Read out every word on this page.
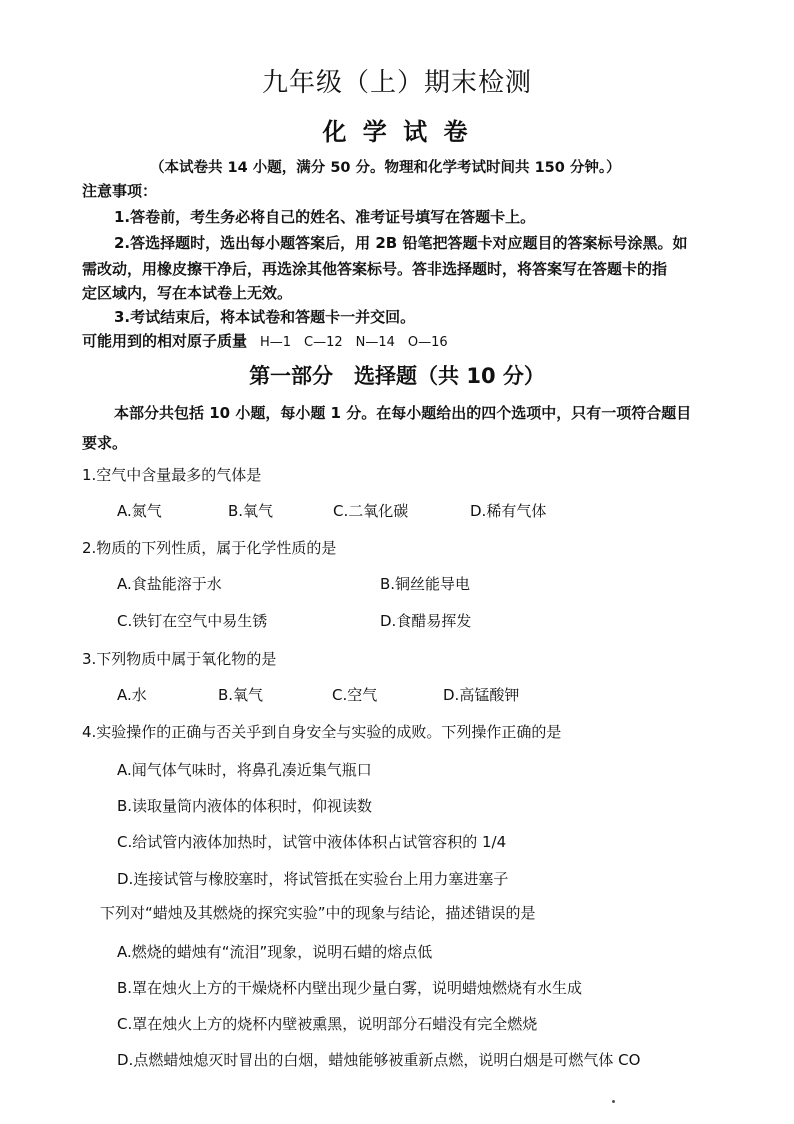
九年级（上）期末检测
化 学 试 卷
（本试卷共 14 小题，满分 50 分。物理和化学考试时间共 150 分钟。）
注意事项：
1.答卷前，考生务必将自己的姓名、准考证号填写在答题卡上。
2.答选择题时，选出每小题答案后，用 2B 铅笔把答题卡对应题目的答案标号涂黑。如
需改动，用橡皮擦干净后，再选涂其他答案标号。答非选择题时，将答案写在答题卡的指
定区域内，写在本试卷上无效。
3.考试结束后，将本试卷和答题卡一并交回。
可能用到的相对原子质量 H—1　C—12　N—14　O—16
第一部分　选择题（共 10 分）
本部分共包括 10 小题，每小题 1 分。在每小题给出的四个选项中，只有一项符合题目
要求。
1.空气中含量最多的气体是
A.氮气	B.氧气	C.二氧化碳	D.稀有气体
2.物质的下列性质，属于化学性质的是
A.食盐能溶于水	B.铜丝能导电
C.铁钉在空气中易生锈	D.食醋易挥发
3.下列物质中属于氧化物的是
A.水	B.氧气	C.空气	D.高锰酸钾
4.实验操作的正确与否关乎到自身安全与实验的成败。下列操作正确的是
A.闻气体气味时，将鼻孔凑近集气瓶口
B.读取量筒内液体的体积时，仰视读数
C.给试管内液体加热时，试管中液体体积占试管容积的 1/4
D.连接试管与橡胶塞时，将试管抵在实验台上用力塞进塞子
下列对“蜡烛及其燃烧的探究实验”中的现象与结论，描述错误的是
A.燃烧的蜡烛有“流泪”现象，说明石蜡的熔点低
B.罩在烛火上方的干燥烧杯内壁出现少量白雾，说明蜡烛燃烧有水生成
C.罩在烛火上方的烧杯内壁被熏黑，说明部分石蜡没有完全燃烧
D.点燃蜡烛熄灭时冒出的白烟，蜡烛能够被重新点燃，说明白烟是可燃气体 CO
